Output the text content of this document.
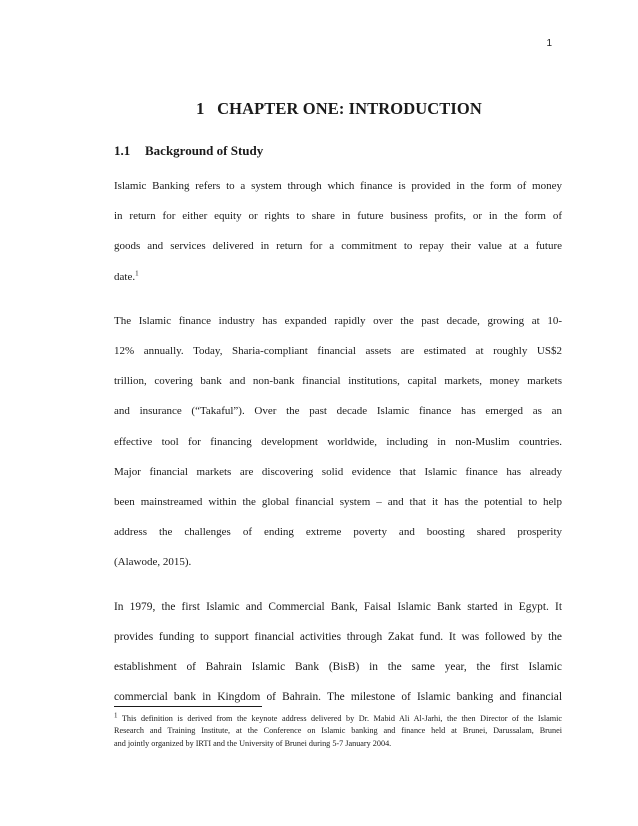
1
1   CHAPTER ONE: INTRODUCTION
1.1 Background of Study

Islamic Banking refers to a system through which finance is provided in the form of money
in return for either equity or rights to share in future business profits, or in the form of
goods and services delivered in return for a commitment to repay their value at a future
date.$^1$

The Islamic finance industry has expanded rapidly over the past decade, growing at 10-
12% annually. Today, Sharia-compliant financial assets are estimated at roughly US$2
trillion, covering bank and non-bank financial institutions, capital markets, money markets
and insurance (“Takaful”). Over the past decade Islamic finance has emerged as an
effective tool for financing development worldwide, including in non-Muslim countries.
Major financial markets are discovering solid evidence that Islamic finance has already
been mainstreamed within the global financial system – and that it has the potential to help
address the challenges of ending extreme poverty and boosting shared prosperity
(Alawode, 2015).

In 1979, the first Islamic and Commercial Bank, Faisal Islamic Bank started in Egypt. It
provides funding to support financial activities through Zakat fund. It was followed by the
establishment of Bahrain Islamic Bank (BisB) in the same year, the first Islamic
commercial bank in Kingdom of Bahrain. The milestone of Islamic banking and financial

$^1$ This definition is derived from the keynote address delivered by Dr. Mabid Ali Al-Jarhi, the then Director of the Islamic
Research and Training Institute, at the Conference on Islamic banking and finance held at Brunei, Darussalam, Brunei
and jointly organized by IRTI and the University of Brunei during 5-7 January 2004.
